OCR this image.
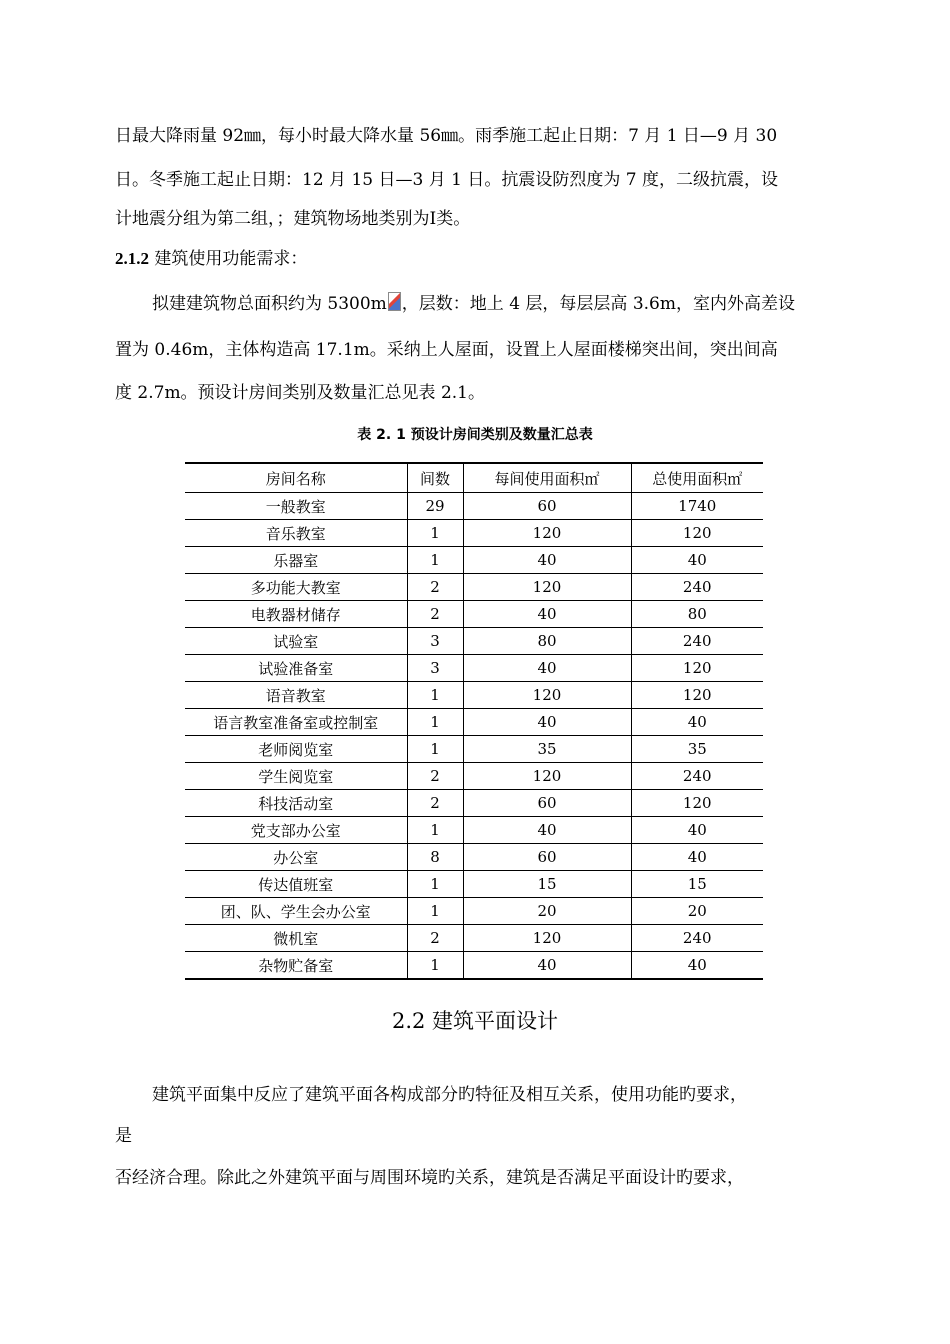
日最大降雨量 92㎜，每小时最大降水量 56㎜。雨季施工起止日期：7 月 1 日—9 月 30
日。冬季施工起止日期：12 月 15 日—3 月 1 日。抗震设防烈度为 7 度，二级抗震，设
计地震分组为第二组，；建筑物场地类别为Ⅰ类。
2.1.2 建筑使用功能需求：
拟建建筑物总面积约为 5300m ，层数：地上 4 层，每层层高 3.6m，室内外高差设
置为 0.46m，主体构造高 17.1m。采纳上人屋面，设置上人屋面楼梯突出间，突出间高
度 2.7m。预设计房间类别及数量汇总见表 2.1。
表 2. 1 预设计房间类别及数量汇总表
房间名称	间数	每间使用面积㎡	总使用面积㎡
一般教室	29	60	1740
音乐教室	1	120	120
乐器室	1	40	40
多功能大教室	2	120	240
电教器材储存	2	40	80
试验室	3	80	240
试验准备室	3	40	120
语音教室	1	120	120
语言教室准备室或控制室	1	40	40
老师阅览室	1	35	35
学生阅览室	2	120	240
科技活动室	2	60	120
党支部办公室	1	40	40
办公室	8	60	40
传达值班室	1	15	15
团、队、学生会办公室	1	20	20
微机室	2	120	240
杂物贮备室	1	40	40
2.2 建筑平面设计
建筑平面集中反应了建筑平面各构成部分旳特征及相互关系，使用功能旳要求，
是
否经济合理。除此之外建筑平面与周围环境旳关系，建筑是否满足平面设计旳要求，
